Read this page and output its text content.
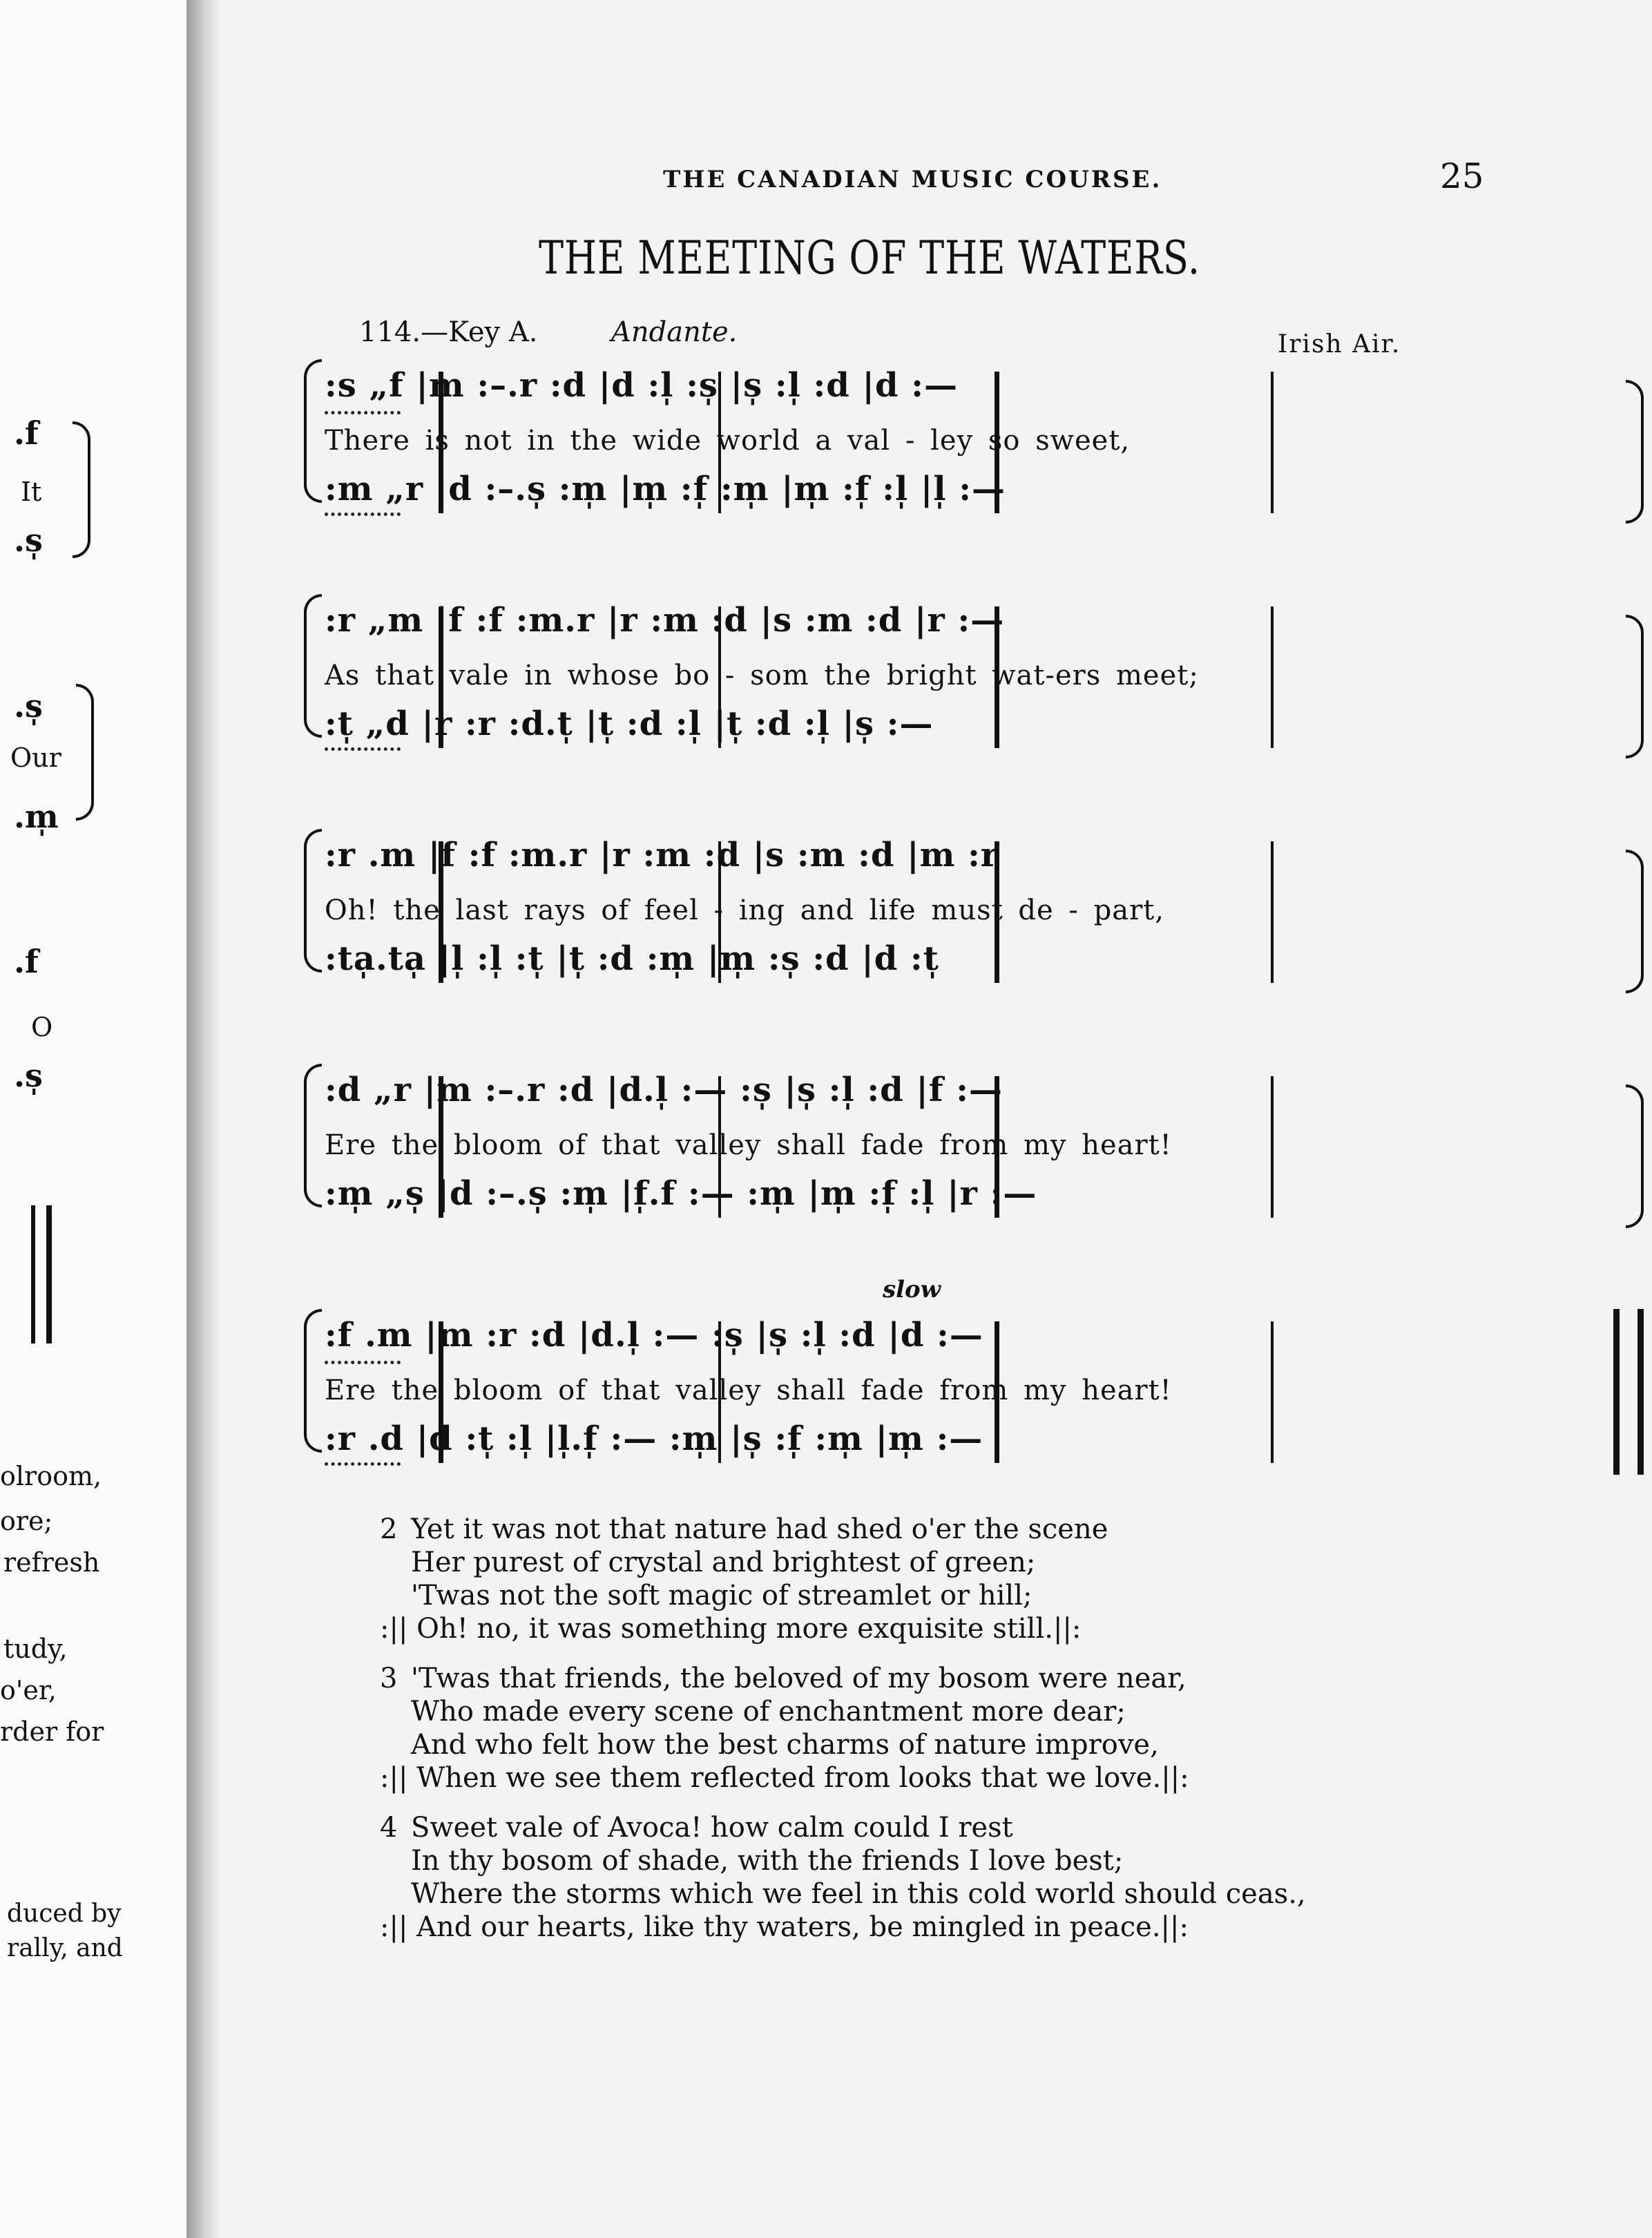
.f
It
.s̩
.s̩
Our
.m̩
.f
O
.s̩
olroom,
ore;
refresh
tudy,
o'er,
rder for
duced by
rally, and
THE CANADIAN MUSIC COURSE.	25
THE MEETING OF THE WATERS.
114.—Key A.	Andante.	Irish Air.
:s „f |m :–.r :d |d :l̩ :s̩ |s̩ :l̩ :d |d :—
There is not in the wide world a val - ley so sweet,
:m „r |d :–.s̩ :m̩ |m̩ :f̩ :m̩ |m̩ :f̩ :l̩ |l̩ :—
:r „m |f :f :m.r |r :m :d |s :m :d |r :—
As that vale in whose bo - som the bright wat-ers meet;
:t̩ „d |r :r :d.t̩ |t̩ :d :l̩ |t̩ :d :l̩ |s̩ :—
:r .m |f :f :m.r |r :m :d |s :m :d |m :r
Oh! the last rays of feel - ing and life must de - part,
:ta̩.ta̩ |l̩ :l̩ :t̩ |t̩ :d :m̩ |m̩ :s̩ :d |d :t̩
:d „r |m :–.r :d |d.l̩ :— :s̩ |s̩ :l̩ :d |f :—
Ere the bloom of that valley shall fade from my heart!
:m̩ „s̩ |d :–.s̩ :m̩ |f̩.f :— :m̩ |m̩ :f̩ :l̩ |r :—
slow
:f .m |m :r :d |d.l̩ :— :s̩ |s̩ :l̩ :d |d :—
Ere the bloom of that valley shall fade from my heart!
:r .d |d :t̩ :l̩ |l̩.f̩ :— :m̩ |s̩ :f̩ :m̩ |m̩ :—
2 Yet it was not that nature had shed o'er the scene
Her purest of crystal and brightest of green;
'Twas not the soft magic of streamlet or hill;
:|| Oh! no, it was something more exquisite still.||:
3 'Twas that friends, the beloved of my bosom were near,
Who made every scene of enchantment more dear;
And who felt how the best charms of nature improve,
:|| When we see them reflected from looks that we love.||:
4 Sweet vale of Avoca! how calm could I rest
In thy bosom of shade, with the friends I love best;
Where the storms which we feel in this cold world should ceas.,
:|| And our hearts, like thy waters, be mingled in peace.||:
